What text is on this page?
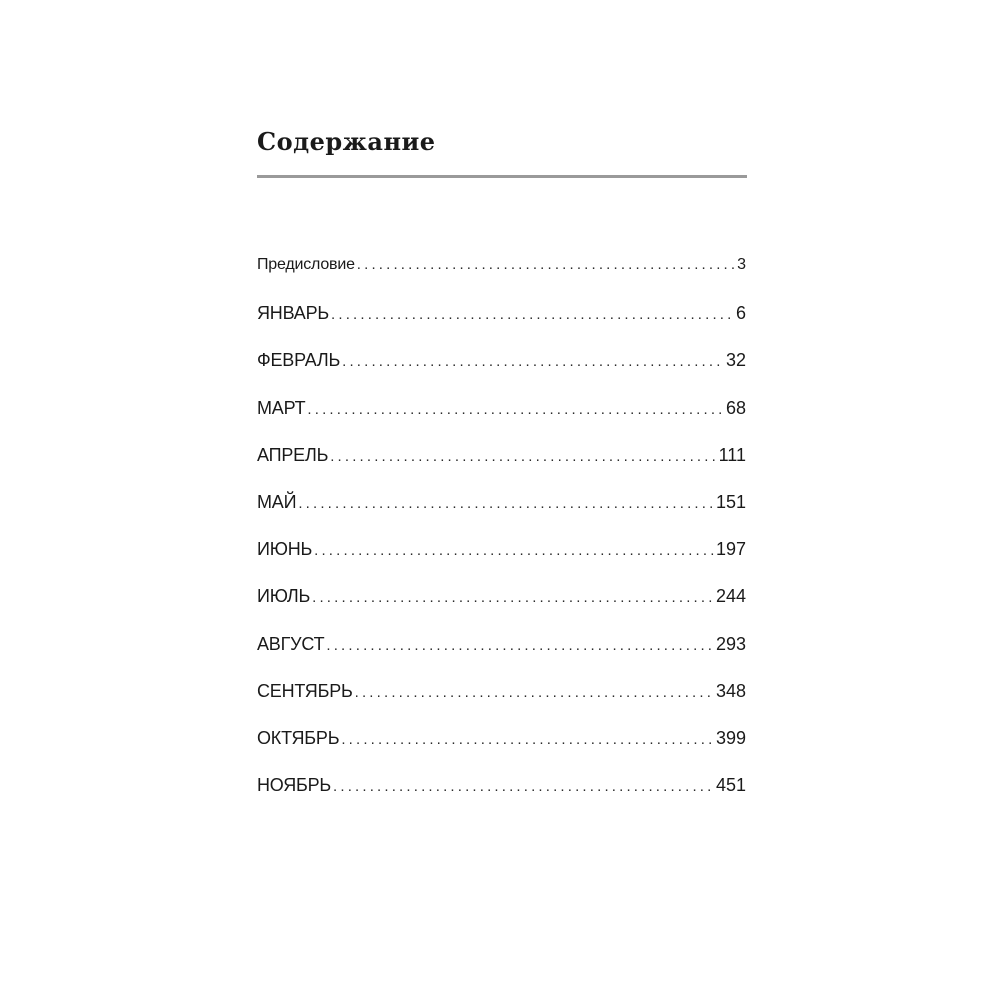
Содержание
Предисловие . . .	3
ЯНВАРЬ . . .	6
ФЕВРАЛЬ . . .	32
МАРТ . . .	68
АПРЕЛЬ . . .	111
МАЙ . . .	151
ИЮНЬ . . .	197
ИЮЛЬ . . .	244
АВГУСТ . . .	293
СЕНТЯБРЬ . . .	348
ОКТЯБРЬ . . .	399
НОЯБРЬ . . .	451
